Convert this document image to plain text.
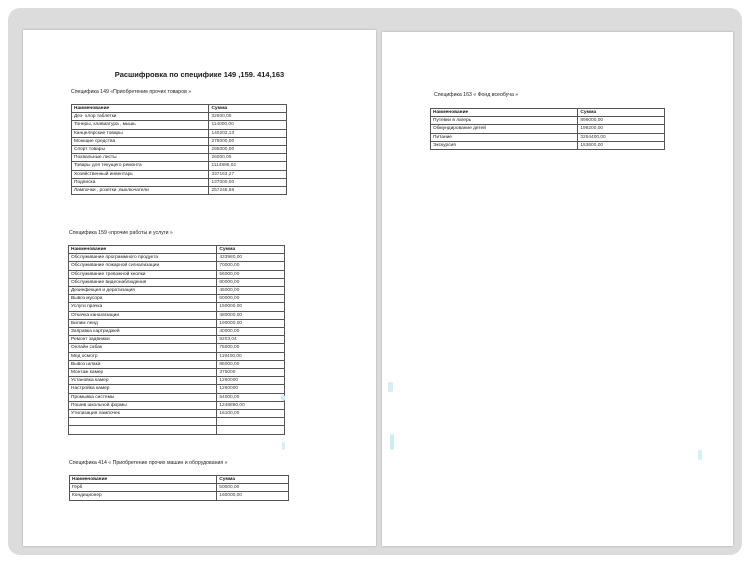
Расшифровка по специфике 149 ,159. 414,163
Специфика 149 «Приобретение прочих товаров »
Наименование	Сумма
Дез- хлор таблетки	32500,00
Тонеры, клавиатура , мышь	114000,00
Канцелярские товары	140202,13
Моющие средства	278000,00
Спорт товары	295000,00
Похвальные листы	26000,00
Товары для текущего ремонта	1114886,02
Хозяйственный инвентарь	337163,27
Подписка	137000,00
Лампочки , розетки ,выключатели	257248,58
Специфика 159 «прочие работы и услуги »
Наименование	Сумма
Обслуживание программного продукта	433980,00
Обслуживание пожарной сигнализации	70000,00
Обслуживание тревожной кнопки	56000,00
Обслуживание видеонаблюдения	80000,00
Дезинфекция и дератизация	45000,00
Вывоз мусора	60000,00
Услуги прачка	150000,00
Откачка канализации	480000,00
Билим ленд	190000,00
Заправка картриджей	40000,00
Ремонт задвижки	9203,04
Онлайн сабак	75000,00
Мед осмотр	119400,00
Вывоз шлака	86000,00
Монтаж камер	375000
Установка камер	1260000
Настройка камер	1260000
Промывка системы	54000,00
Пошив школьной формы	1248880,00
Утилизация лампочек	16100,00

Специфика 414 « Приобретение прочих машин и оборудования »
Наименование	Сумма
Герб	50000,00
Кондиционер	160000,00
Специфика 163 « Фонд всеобуча »
Наименование	Сумма
Путевки в лагерь	899000,00
Обмундирование детей	198200,00
Питание	3254400,00
Экскурсия	153600,00
